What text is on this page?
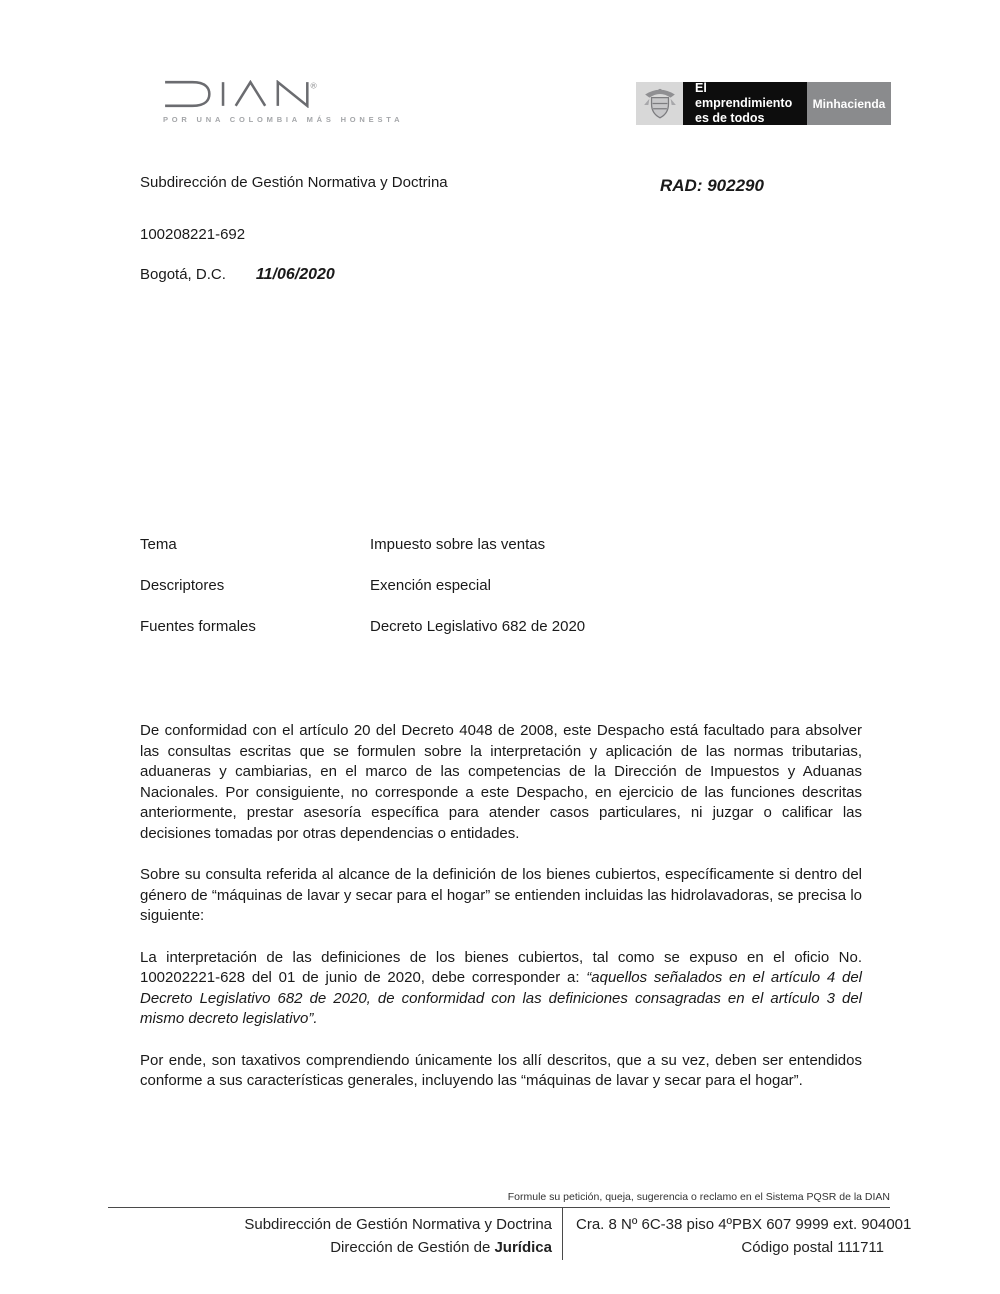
®
POR UNA COLOMBIA MÁS HONESTA
El emprendimiento
es de todos
Minhacienda
Subdirección de Gestión Normativa y Doctrina	RAD: 902290
100208221-692
Bogotá, D.C. 11/06/2020
Tema	Impuesto sobre las ventas
Descriptores	Exención especial
Fuentes formales	Decreto Legislativo 682 de 2020

De conformidad con el artículo 20 del Decreto 4048 de 2008, este Despacho está facultado para absolver las consultas escritas que se formulen sobre la interpretación y aplicación de las normas tributarias, aduaneras y cambiarias, en el marco de las competencias de la Dirección de Impuestos y Aduanas Nacionales. Por consiguiente, no corresponde a este Despacho, en ejercicio de las funciones descritas anteriormente, prestar asesoría específica para atender casos particulares, ni juzgar o calificar las decisiones tomadas por otras dependencias o entidades.

Sobre su consulta referida al alcance de la definición de los bienes cubiertos, específicamente si dentro del género de “máquinas de lavar y secar para el hogar” se entienden incluidas las hidrolavadoras, se precisa lo siguiente:

La interpretación de las definiciones de los bienes cubiertos, tal como se expuso en el oficio No. 100202221-628 del 01 de junio de 2020, debe corresponder a: “aquellos señalados en el artículo 4 del Decreto Legislativo 682 de 2020, de conformidad con las definiciones consagradas en el artículo 3 del mismo decreto legislativo”.

Por ende, son taxativos comprendiendo únicamente los allí descritos, que a su vez, deben ser entendidos conforme a sus características generales, incluyendo las “máquinas de lavar y secar para el hogar”.

Formule su petición, queja, sugerencia o reclamo en el Sistema PQSR de la DIAN
Subdirección de Gestión Normativa y Doctrina
Dirección de Gestión de Jurídica
Cra. 8 Nº 6C-38 piso 4º PBX 607 9999 ext. 904001
Código postal 111711
